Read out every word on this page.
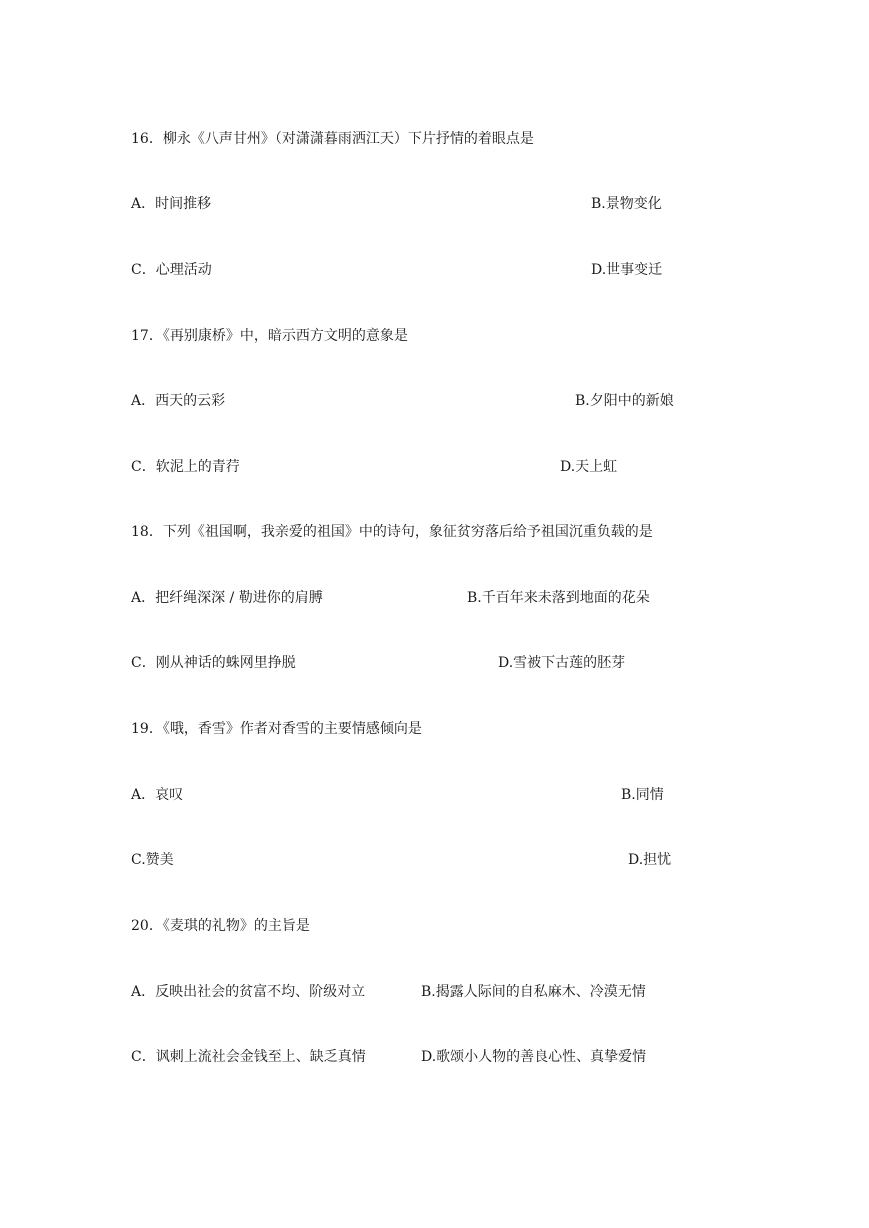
16．柳永《八声甘州》（对潇潇暮雨洒江天）下片抒情的着眼点是
A．时间推移	B.景物变化
C．心理活动	D.世事变迁
17．《再别康桥》中，暗示西方文明的意象是
A．西天的云彩	B.夕阳中的新娘
C．软泥上的青荇	D.天上虹
18．下列《祖国啊，我亲爱的祖国》中的诗句，象征贫穷落后给予祖国沉重负载的是
A．把纤绳深深 / 勒进你的肩膊	B.千百年来未落到地面的花朵
C．刚从神话的蛛网里挣脱	D.雪被下古莲的胚芽
19．《哦，香雪》作者对香雪的主要情感倾向是
A．哀叹	B.同情
C.赞美	D.担忧
20．《麦琪的礼物》的主旨是
A．反映出社会的贫富不均、阶级对立	B.揭露人际间的自私麻木、冷漠无情
C．讽刺上流社会金钱至上、缺乏真情	D.歌颂小人物的善良心性、真挚爱情
